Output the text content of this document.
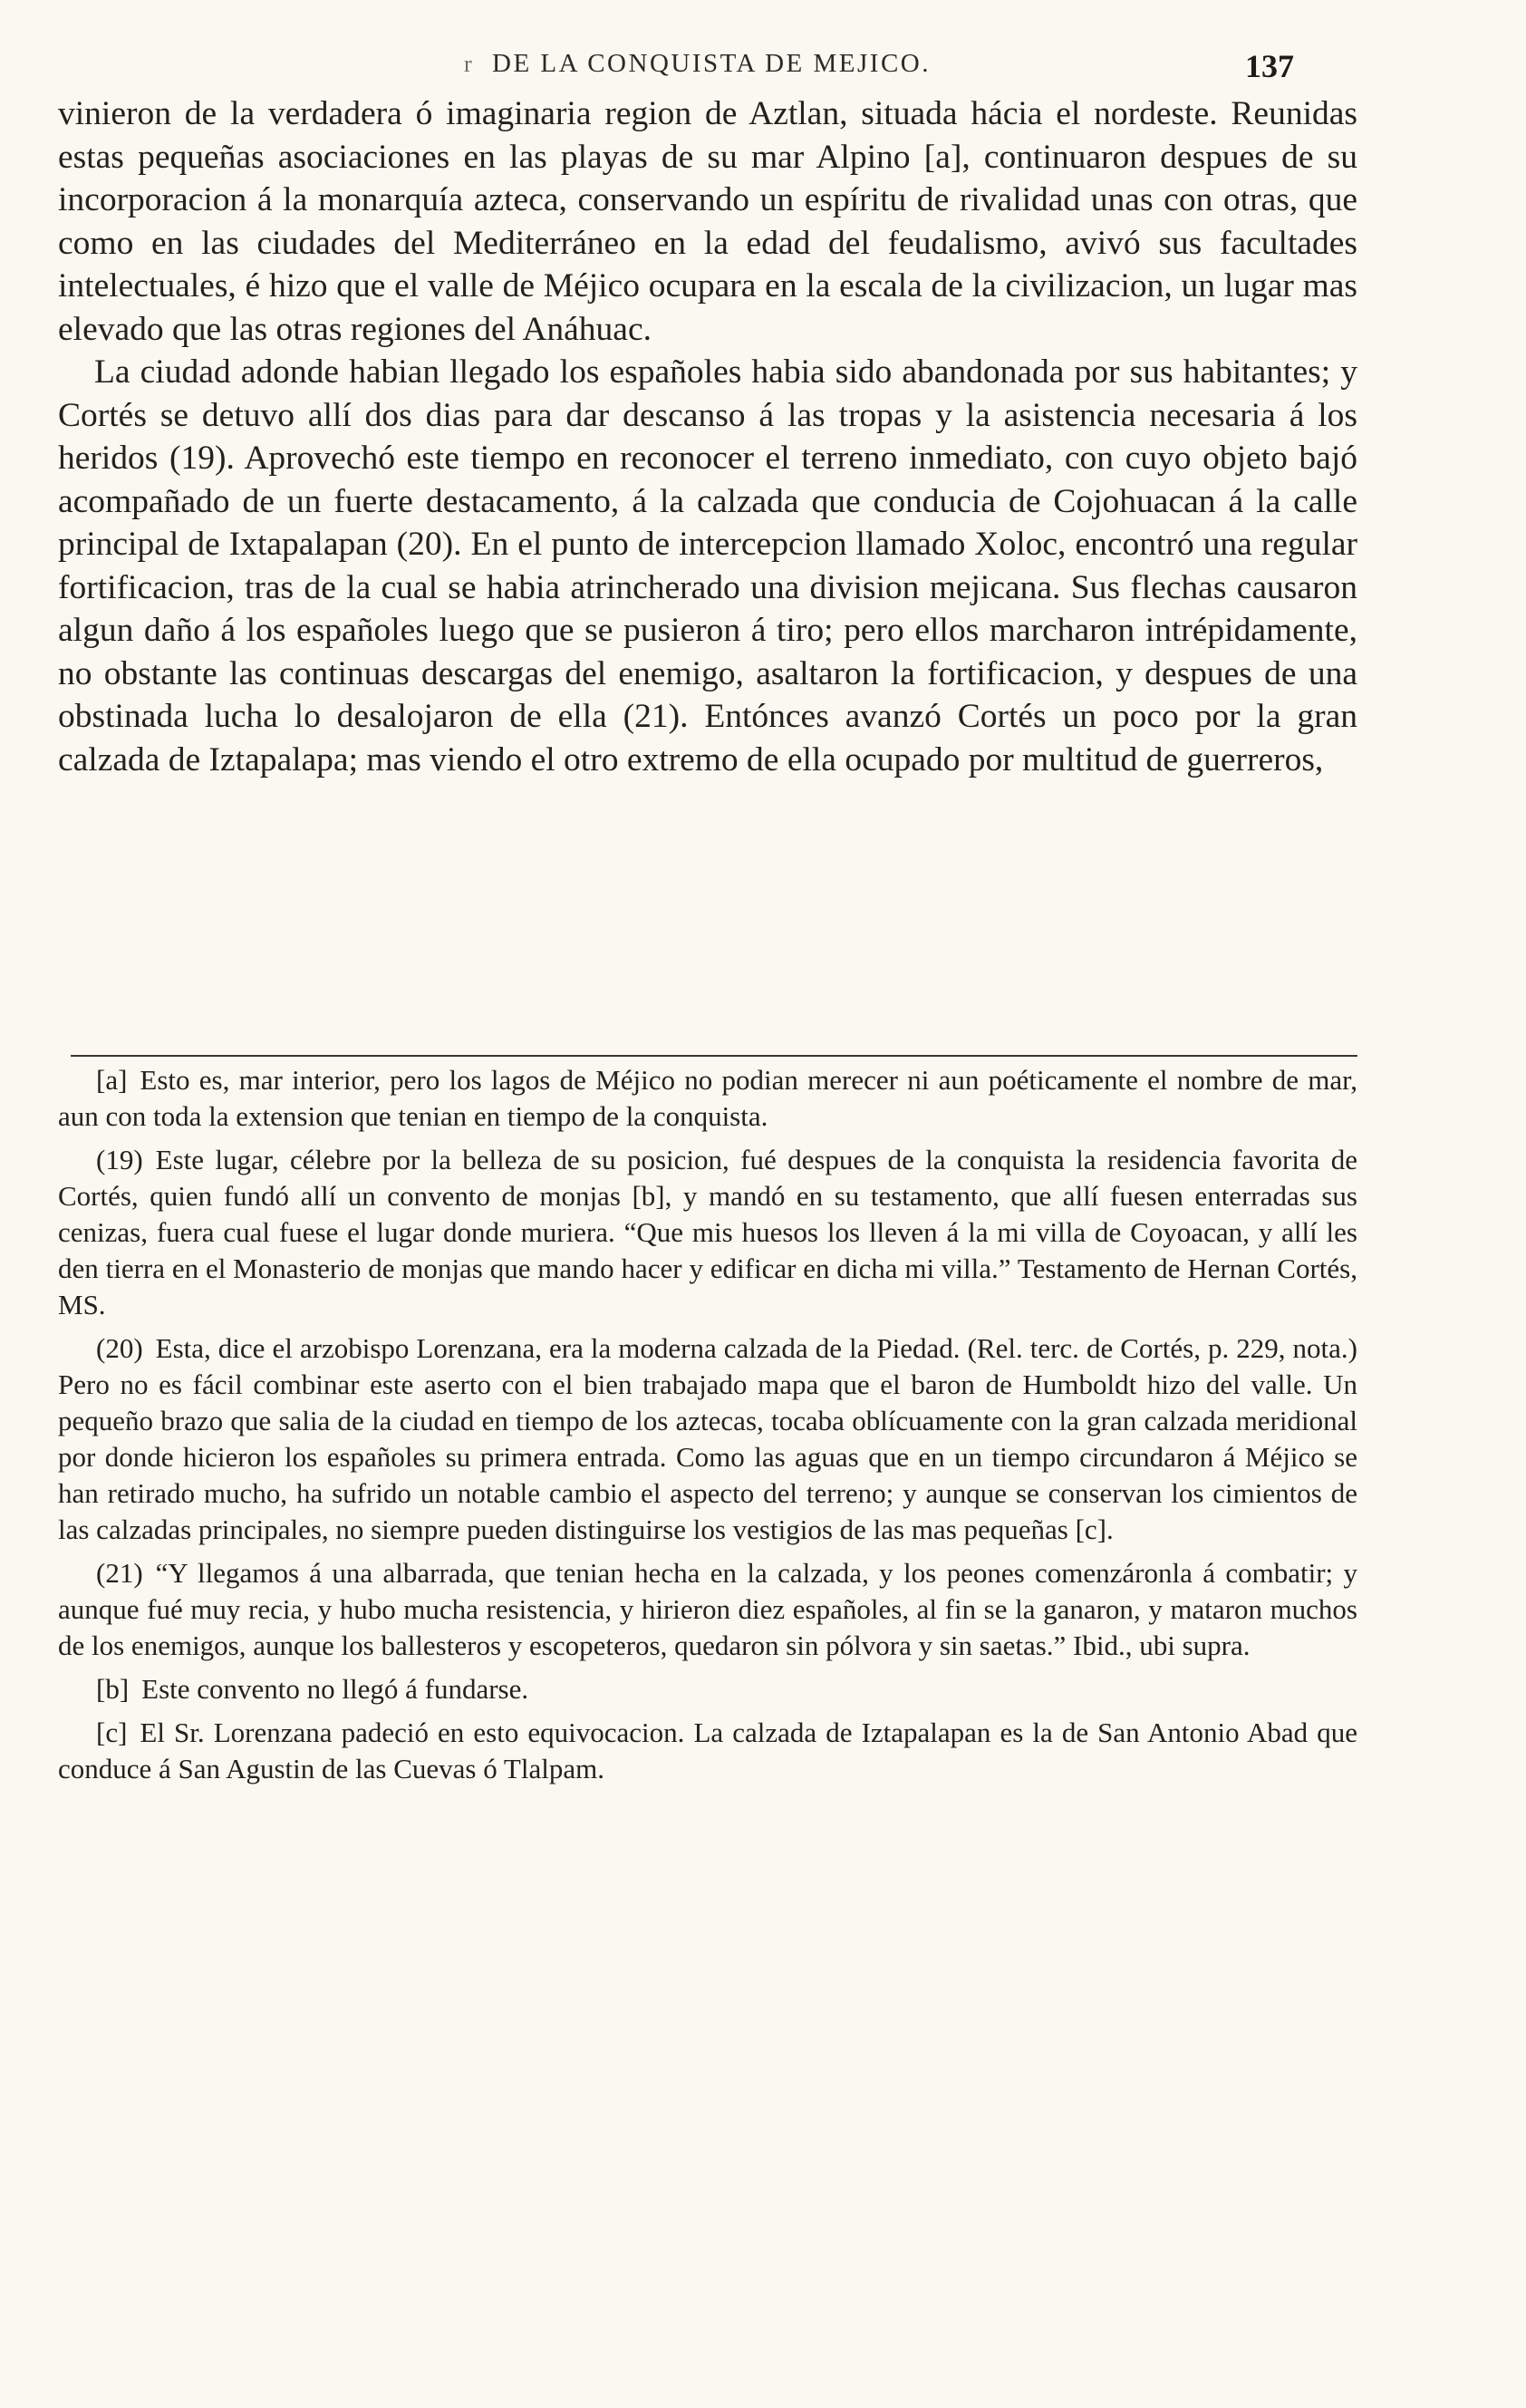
r DE LA CONQUISTA DE MEJICO.	137

vinieron de la verdadera ó imaginaria region de Aztlan, situada hácia el nordeste. Reunidas estas pequeñas asociaciones en las playas de su mar Alpino [a], continuaron despues de su incorporacion á la monarquía azteca, conservando un espíritu de rivalidad unas con otras, que como en las ciudades del Mediterráneo en la edad del feudalismo, avivó sus facultades intelectuales, é hizo que el valle de Méjico ocupara en la escala de la civilizacion, un lugar mas elevado que las otras regiones del Anáhuac.

La ciudad adonde habian llegado los españoles habia sido abandonada por sus habitantes; y Cortés se detuvo allí dos dias para dar descanso á las tropas y la asistencia necesaria á los heridos (19). Aprovechó este tiempo en reconocer el terreno inmediato, con cuyo objeto bajó acompañado de un fuerte destacamento, á la calzada que conducia de Cojohuacan á la calle principal de Ixtapalapan (20). En el punto de intercepcion llamado Xoloc, encontró una regular fortificacion, tras de la cual se habia atrincherado una division mejicana. Sus flechas causaron algun daño á los españoles luego que se pusieron á tiro; pero ellos marcharon intrépidamente, no obstante las continuas descargas del enemigo, asaltaron la fortificacion, y despues de una obstinada lucha lo desalojaron de ella (21). Entónces avanzó Cortés un poco por la gran calzada de Iztapalapa; mas viendo el otro extremo de ella ocupado por multitud de guerreros,

[a] Esto es, mar interior, pero los lagos de Méjico no podian merecer ni aun poéticamente el nombre de mar, aun con toda la extension que tenian en tiempo de la conquista.

(19) Este lugar, célebre por la belleza de su posicion, fué despues de la conquista la residencia favorita de Cortés, quien fundó allí un convento de monjas [b], y mandó en su testamento, que allí fuesen enterradas sus cenizas, fuera cual fuese el lugar donde muriera. “Que mis huesos los lleven á la mi villa de Coyoacan, y allí les den tierra en el Monasterio de monjas que mando hacer y edificar en dicha mi villa.” Testamento de Hernan Cortés, MS.

(20) Esta, dice el arzobispo Lorenzana, era la moderna calzada de la Piedad. (Rel. terc. de Cortés, p. 229, nota.) Pero no es fácil combinar este aserto con el bien trabajado mapa que el baron de Humboldt hizo del valle. Un pequeño brazo que salia de la ciudad en tiempo de los aztecas, tocaba oblícuamente con la gran calzada meridional por donde hicieron los españoles su primera entrada. Como las aguas que en un tiempo circundaron á Méjico se han retirado mucho, ha sufrido un notable cambio el aspecto del terreno; y aunque se conservan los cimientos de las calzadas principales, no siempre pueden distinguirse los vestigios de las mas pequeñas [c].

(21) “Y llegamos á una albarrada, que tenian hecha en la calzada, y los peones comenzáronla á combatir; y aunque fué muy recia, y hubo mucha resistencia, y hirieron diez españoles, al fin se la ganaron, y mataron muchos de los enemigos, aunque los ballesteros y escopeteros, quedaron sin pólvora y sin saetas.” Ibid., ubi supra.

[b] Este convento no llegó á fundarse.

[c] El Sr. Lorenzana padeció en esto equivocacion. La calzada de Iztapalapan es la de San Antonio Abad que conduce á San Agustin de las Cuevas ó Tlalpam.
